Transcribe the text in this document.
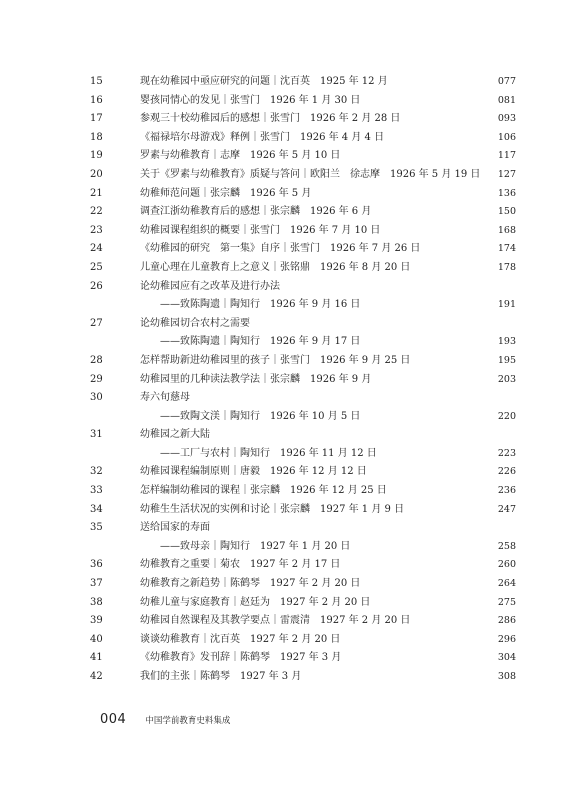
15	现在幼稚园中亟应研究的问题｜沈百英　1925 年 12 月	077
16	婴孩同情心的发见｜张雪门　1926 年 1 月 30 日	081
17	参观三十校幼稚园后的感想｜张雪门　1926 年 2 月 28 日	093
18	《福禄培尔母游戏》释例｜张雪门　1926 年 4 月 4 日	106
19	罗素与幼稚教育｜志摩　1926 年 5 月 10 日	117
20	关于《罗素与幼稚教育》质疑与答问｜欧阳兰　徐志摩　1926 年 5 月 19 日 127
21	幼稚师范问题｜张宗麟　1926 年 5 月	136
22	调查江浙幼稚教育后的感想｜张宗麟　1926 年 6 月	150
23	幼稚园课程组织的概要｜张雪门　1926 年 7 月 10 日	168
24	《幼稚园的研究　第一集》自序｜张雪门　1926 年 7 月 26 日	174
25	儿童心理在儿童教育上之意义｜张铭鼎　1926 年 8 月 20 日	178
26	论幼稚园应有之改革及进行办法
——致陈陶遗｜陶知行　1926 年 9 月 16 日	191
27	论幼稚园切合农村之需要
——致陈陶遗｜陶知行　1926 年 9 月 17 日	193
28	怎样帮助新进幼稚园里的孩子｜张雪门　1926 年 9 月 25 日	195
29	幼稚园里的几种读法教学法｜张宗麟　1926 年 9 月	203
30	寿六旬慈母
——致陶文渼｜陶知行　1926 年 10 月 5 日	220
31	幼稚园之新大陆
——工厂与农村｜陶知行　1926 年 11 月 12 日	223
32	幼稚园课程编制原则｜唐毅　1926 年 12 月 12 日	226
33	怎样编制幼稚园的课程｜张宗麟　1926 年 12 月 25 日	236
34	幼稚生生活状况的实例和讨论｜张宗麟　1927 年 1 月 9 日	247
35	送给国家的寿面
——致母亲｜陶知行　1927 年 1 月 20 日	258
36	幼稚教育之重要｜菊农　1927 年 2 月 17 日	260
37	幼稚教育之新趋势｜陈鹤琴　1927 年 2 月 20 日	264
38	幼稚儿童与家庭教育｜赵廷为　1927 年 2 月 20 日	275
39	幼稚园自然课程及其教学要点｜雷震清　1927 年 2 月 20 日	286
40	谈谈幼稚教育｜沈百英　1927 年 2 月 20 日	296
41	《幼稚教育》发刊辞｜陈鹤琴　1927 年 3 月	304
42	我们的主张｜陈鹤琴　1927 年 3 月	308
004 中国学前教育史料集成
